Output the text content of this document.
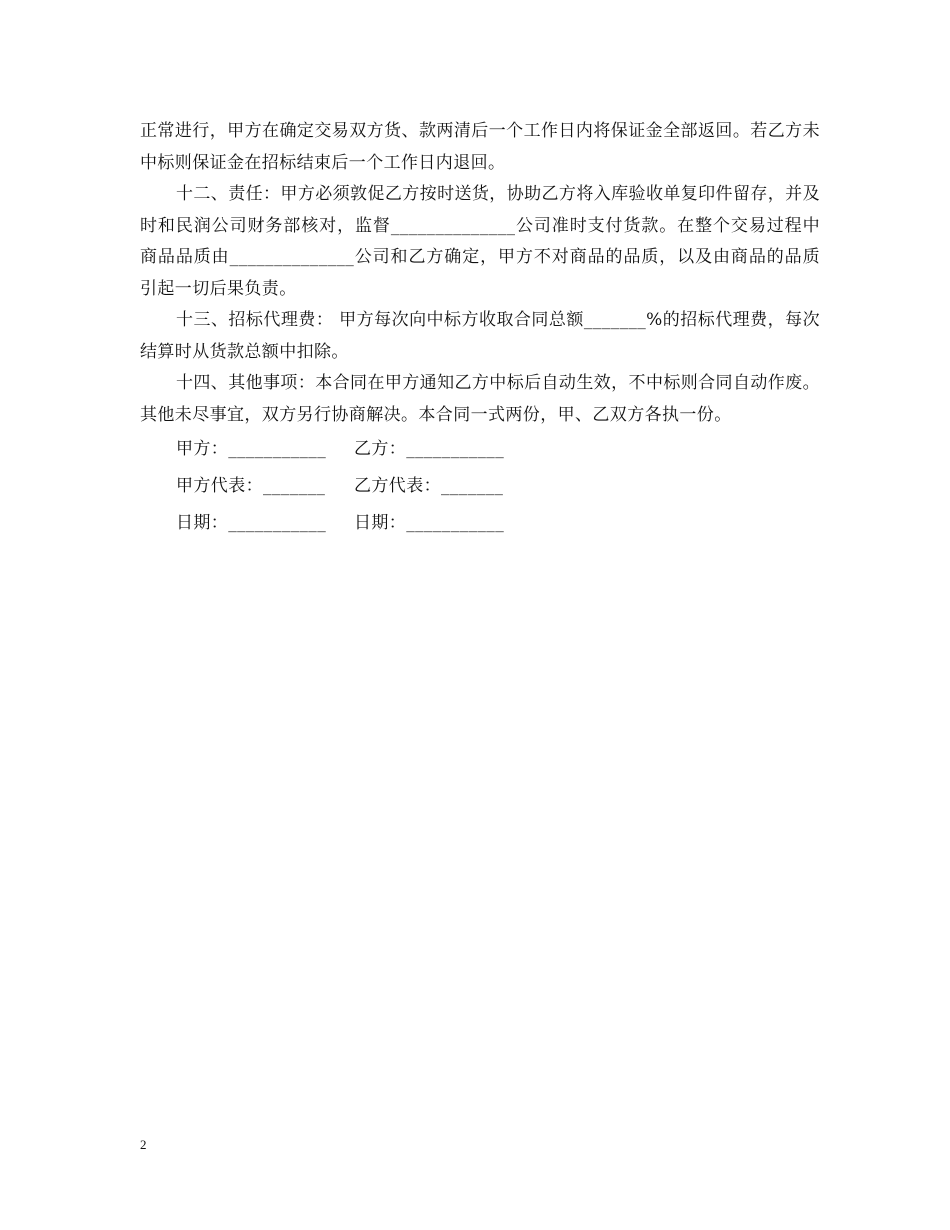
正常进行，甲方在确定交易双方货、款两清后一个工作日内将保证金全部返回。若乙方未中标则保证金在招标结束后一个工作日内退回。

十二、责任：甲方必须敦促乙方按时送货，协助乙方将入库验收单复印件留存，并及时和民润公司财务部核对，监督______________公司准时支付货款。在整个交易过程中商品品质由______________公司和乙方确定，甲方不对商品的品质，以及由商品的品质引起一切后果负责。

十三、招标代理费： 甲方每次向中标方收取合同总额_______%的招标代理费，每次结算时从货款总额中扣除。

十四、其他事项：本合同在甲方通知乙方中标后自动生效，不中标则合同自动作废。其他未尽事宜，双方另行协商解决。本合同一式两份，甲、乙双方各执一份。

甲方：___________	乙方：___________
甲方代表：_______	乙方代表：_______
日期：___________	日期：___________
2
